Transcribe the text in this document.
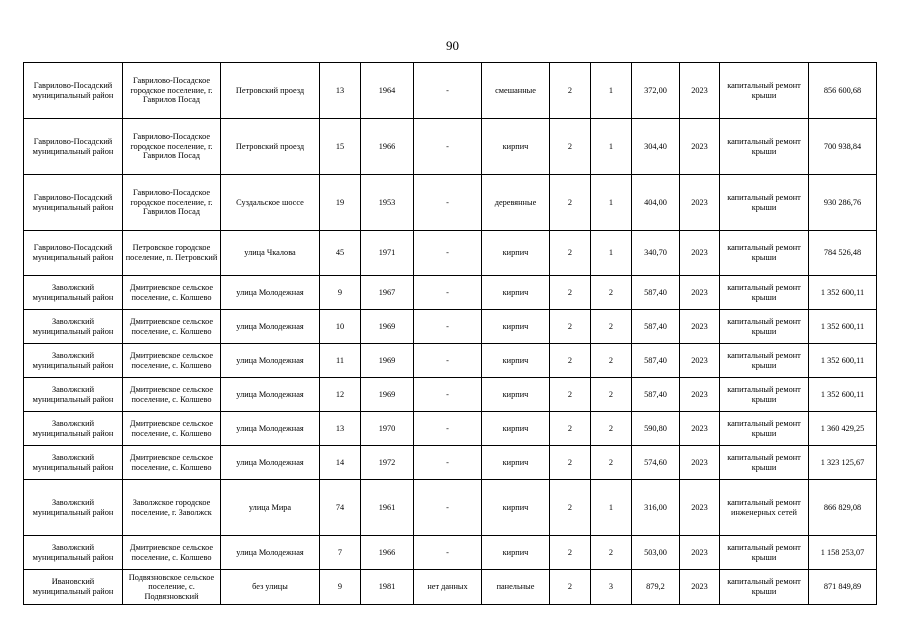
90
Гаврилово-Посадский муниципальный район	Гаврилово-Посадское городское поселение, г. Гаврилов Посад	Петровский проезд	13	1964	-	смешанные	2	1	372,00	2023	капитальный ремонт крыши	856 600,68
Гаврилово-Посадский муниципальный район	Гаврилово-Посадское городское поселение, г. Гаврилов Посад	Петровский проезд	15	1966	-	кирпич	2	1	304,40	2023	капитальный ремонт крыши	700 938,84
Гаврилово-Посадский муниципальный район	Гаврилово-Посадское городское поселение, г. Гаврилов Посад	Суздальское шоссе	19	1953	-	деревянные	2	1	404,00	2023	капитальный ремонт крыши	930 286,76
Гаврилово-Посадский муниципальный район	Петровское городское поселение, п. Петровский	улица Чкалова	45	1971	-	кирпич	2	1	340,70	2023	капитальный ремонт крыши	784 526,48
Заволжский муниципальный район	Дмитриевское сельское поселение, с. Колшево	улица Молодежная	9	1967	-	кирпич	2	2	587,40	2023	капитальный ремонт крыши	1 352 600,11
Заволжский муниципальный район	Дмитриевское сельское поселение, с. Колшево	улица Молодежная	10	1969	-	кирпич	2	2	587,40	2023	капитальный ремонт крыши	1 352 600,11
Заволжский муниципальный район	Дмитриевское сельское поселение, с. Колшево	улица Молодежная	11	1969	-	кирпич	2	2	587,40	2023	капитальный ремонт крыши	1 352 600,11
Заволжский муниципальный район	Дмитриевское сельское поселение, с. Колшево	улица Молодежная	12	1969	-	кирпич	2	2	587,40	2023	капитальный ремонт крыши	1 352 600,11
Заволжский муниципальный район	Дмитриевское сельское поселение, с. Колшево	улица Молодежная	13	1970	-	кирпич	2	2	590,80	2023	капитальный ремонт крыши	1 360 429,25
Заволжский муниципальный район	Дмитриевское сельское поселение, с. Колшево	улица Молодежная	14	1972	-	кирпич	2	2	574,60	2023	капитальный ремонт крыши	1 323 125,67
Заволжский муниципальный район	Заволжское городское поселение, г. Заволжск	улица Мира	74	1961	-	кирпич	2	1	316,00	2023	капитальный ремонт инженерных сетей	866 829,08
Заволжский муниципальный район	Дмитриевское сельское поселение, с. Колшево	улица Молодежная	7	1966	-	кирпич	2	2	503,00	2023	капитальный ремонт крыши	1 158 253,07
Ивановский муниципальный район	Подвязновское сельское поселение, с. Подвязновский	без улицы	9	1981	нет данных	панельные	2	3	879,2	2023	капитальный ремонт крыши	871 849,89
